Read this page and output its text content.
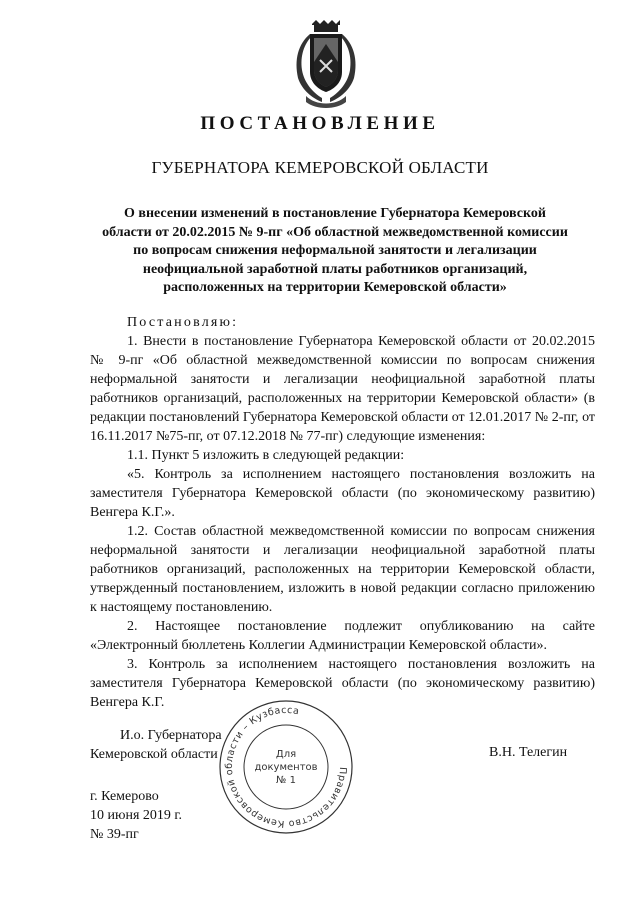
ПОСТАНОВЛЕНИЕ
ГУБЕРНАТОРА КЕМЕРОВСКОЙ ОБЛАСТИ
О внесении изменений в постановление Губернатора Кемеровской
области от 20.02.2015 № 9-пг «Об областной межведомственной комиссии
по вопросам снижения неформальной занятости и легализации
неофициальной заработной платы работников организаций,
расположенных на территории Кемеровской области»

Постановляю:

1. Внести в постановление Губернатора Кемеровской области от 20.02.2015 № 9-пг «Об областной межведомственной комиссии по вопросам снижения неформальной занятости и легализации неофициальной заработной платы работников организаций, расположенных на территории Кемеровской области» (в редакции постановлений Губернатора Кемеровской области от 12.01.2017 № 2-пг, от 16.11.2017 №75-пг, от 07.12.2018 № 77-пг) следующие изменения:

1.1. Пункт 5 изложить в следующей редакции:

«5. Контроль за исполнением настоящего постановления возложить на заместителя Губернатора Кемеровской области (по экономическому развитию) Венгера К.Г.».

1.2. Состав областной межведомственной комиссии по вопросам снижения неформальной занятости и легализации неофициальной заработной платы работников организаций, расположенных на территории Кемеровской области, утвержденный постановлением, изложить в новой редакции согласно приложению к настоящему постановлению.

2. Настоящее постановление подлежит опубликованию на сайте «Электронный бюллетень Коллегии Администрации Кемеровской области».

3. Контроль за исполнением настоящего постановления возложить на заместителя Губернатора Кемеровской области (по экономическому развитию) Венгера К.Г.

И.о. Губернатора
Кемеровской области	В.Н. Телегин
Правительство Кемеровской области – Кузбасса
Для
документов
№ 1
г. Кемерово
10 июня 2019 г.
№ 39-пг
